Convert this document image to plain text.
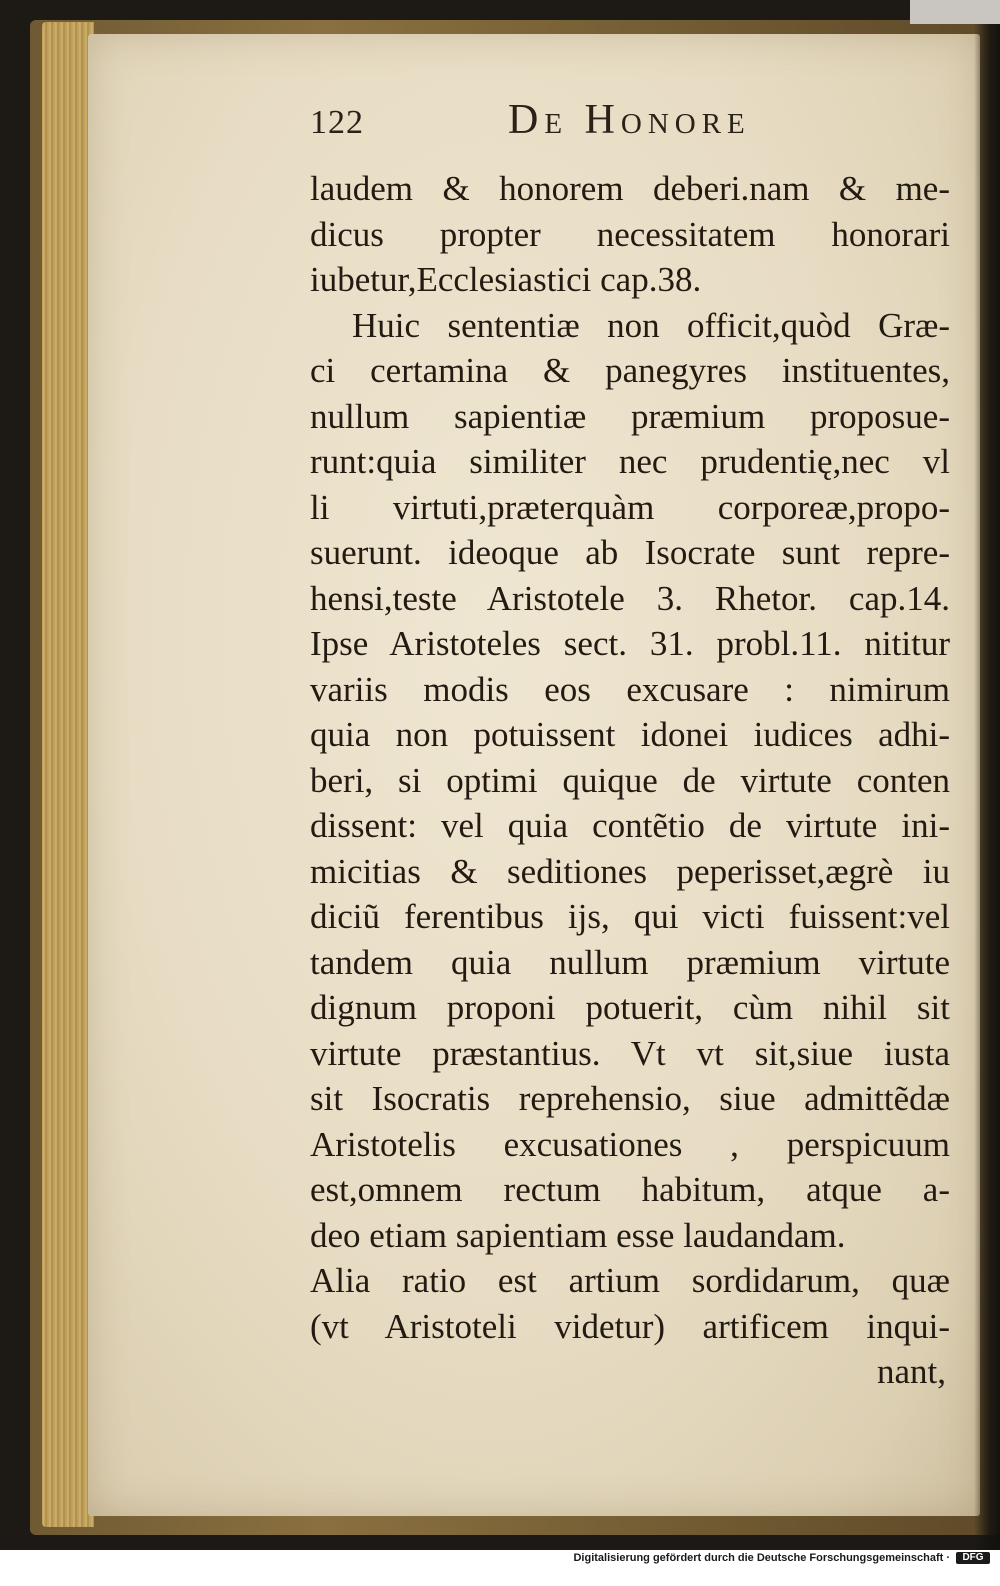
122	De Honore
laudem & honorem deberi.nam & me-
dicus propter necessitatem honorari
iubetur,Ecclesiastici cap.38.
Huic sententiæ non officit,quòd Græ-
ci certamina & panegyres instituentes,
nullum sapientiæ præmium proposue-
runt:quia similiter nec prudentię,nec vl
li virtuti,præterquàm corporeæ,propo-
suerunt. ideoque ab Isocrate sunt repre-
hensi,teste Aristotele 3. Rhetor. cap.14.
Ipse Aristoteles sect. 31. probl.11. nititur
variis modis eos excusare : nimirum
quia non potuissent idonei iudices adhi-
beri, si optimi quique de virtute conten
dissent: vel quia contẽtio de virtute ini-
micitias & seditiones peperisset,ægrè iu
diciũ ferentibus ijs, qui victi fuissent:vel
tandem quia nullum præmium virtute
dignum proponi potuerit, cùm nihil sit
virtute præstantius. Vt vt sit,siue iusta
sit Isocratis reprehensio, siue admittẽdæ
Aristotelis excusationes , perspicuum
est,omnem rectum habitum, atque a-
deo etiam sapientiam esse laudandam.
Alia ratio est artium sordidarum, quæ
(vt Aristoteli videtur) artificem inqui-
nant,
Digitalisierung gefördert durch die Deutsche Forschungsgemeinschaft ·	DFG
